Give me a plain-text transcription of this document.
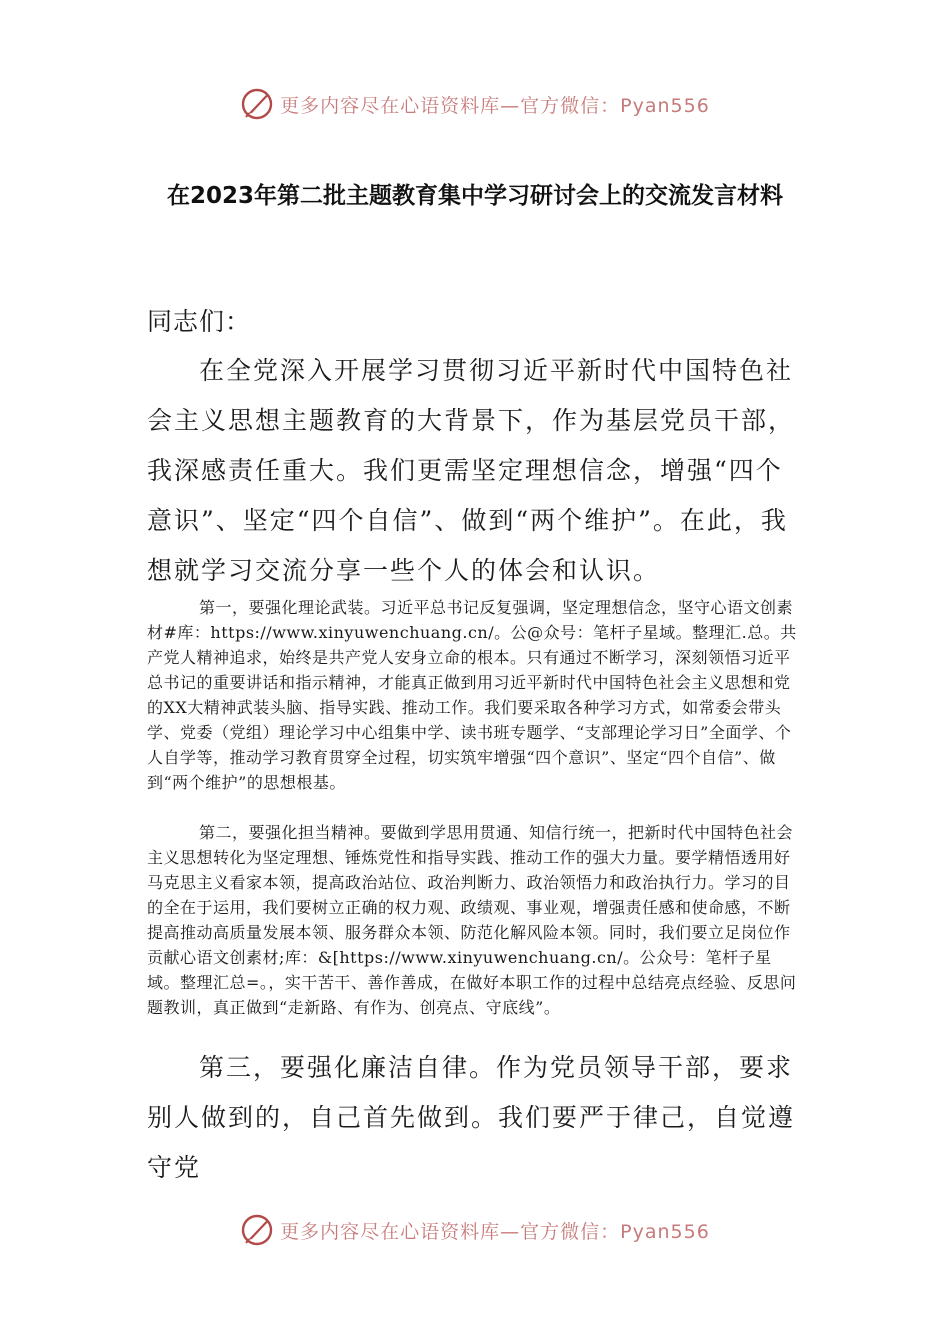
更多内容尽在心语资料库—官方微信：Pyan556
在2023年第二批主题教育集中学习研讨会上的交流发言材料
同志们：

在全党深入开展学习贯彻习近平新时代中国特色社会主义思想主题教育的大背景下，作为基层党员干部，我深感责任重大。我们更需坚定理想信念，增强“四个意识”、坚定“四个自信”、做到“两个维护”。在此，我想就学习交流分享一些个人的体会和认识。

第一，要强化理论武装。习近平总书记反复强调，坚定理想信念，坚守心语文创素材#库：https://www.xinyuwenchuang.cn/。公@众号：笔杆子星域。整理汇.总。共产党人精神追求，始终是共产党人安身立命的根本。只有通过不断学习，深刻领悟习近平总书记的重要讲话和指示精神，才能真正做到用习近平新时代中国特色社会主义思想和党的XX大精神武装头脑、指导实践、推动工作。我们要采取各种学习方式，如常委会带头学、党委（党组）理论学习中心组集中学、读书班专题学、“支部理论学习日”全面学、个人自学等，推动学习教育贯穿全过程，切实筑牢增强“四个意识”、坚定“四个自信”、做到“两个维护”的思想根基。

第二，要强化担当精神。要做到学思用贯通、知信行统一，把新时代中国特色社会主义思想转化为坚定理想、锤炼党性和指导实践、推动工作的强大力量。要学精悟透用好马克思主义看家本领，提高政治站位、政治判断力、政治领悟力和政治执行力。学习的目的全在于运用，我们要树立正确的权力观、政绩观、事业观，增强责任感和使命感，不断提高推动高质量发展本领、服务群众本领、防范化解风险本领。同时，我们要立足岗位作贡献心语文创素材;库：&[https://www.xinyuwenchuang.cn/。公众号：笔杆子星域。整理汇总=。，实干苦干、善作善成，在做好本职工作的过程中总结亮点经验、反思问题教训，真正做到“走新路、有作为、创亮点、守底线”。

第三，要强化廉洁自律。作为党员领导干部，要求别人做到的，自己首先做到。我们要严于律己，自觉遵守党

更多内容尽在心语资料库—官方微信：Pyan556
